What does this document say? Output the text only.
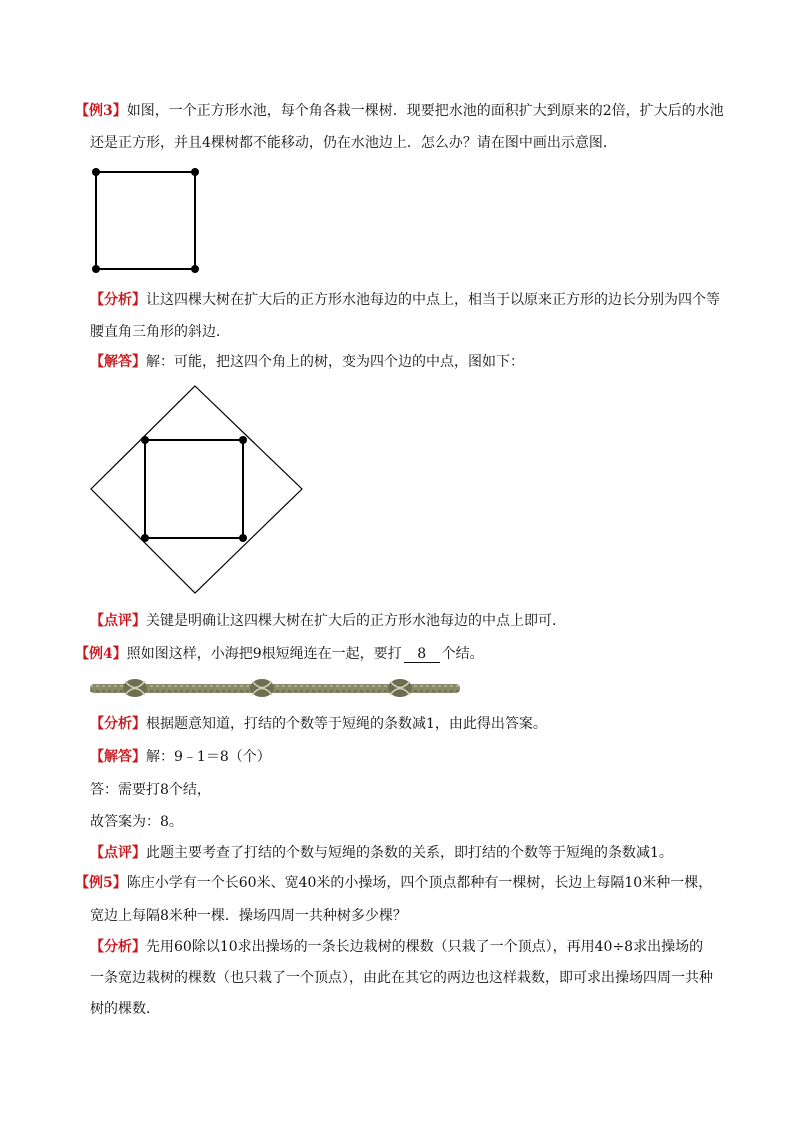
【例3】如图，一个正方形水池，每个角各栽一棵树．现要把水池的面积扩大到原来的2倍，扩大后的水池
还是正方形，并且4棵树都不能移动，仍在水池边上．怎么办？请在图中画出示意图．
【分析】让这四棵大树在扩大后的正方形水池每边的中点上，相当于以原来正方形的边长分别为四个等
腰直角三角形的斜边．
【解答】解：可能，把这四个角上的树，变为四个边的中点，图如下：
【点评】关键是明确让这四棵大树在扩大后的正方形水池每边的中点上即可．
【例4】照如图这样，小海把9根短绳连在一起，要打 8 个结。
【分析】根据题意知道，打结的个数等于短绳的条数减1，由此得出答案。
【解答】解：9﹣1＝8（个）
答：需要打8个结，
故答案为：8。
【点评】此题主要考查了打结的个数与短绳的条数的关系，即打结的个数等于短绳的条数减1。
【例5】陈庄小学有一个长60米、宽40米的小操场，四个顶点都种有一棵树，长边上每隔10米种一棵，
宽边上每隔8米种一棵．操场四周一共种树多少棵？
【分析】先用60除以10求出操场的一条长边栽树的棵数（只栽了一个顶点），再用40÷8求出操场的
一条宽边栽树的棵数（也只栽了一个顶点），由此在其它的两边也这样栽数，即可求出操场四周一共种
树的棵数．
